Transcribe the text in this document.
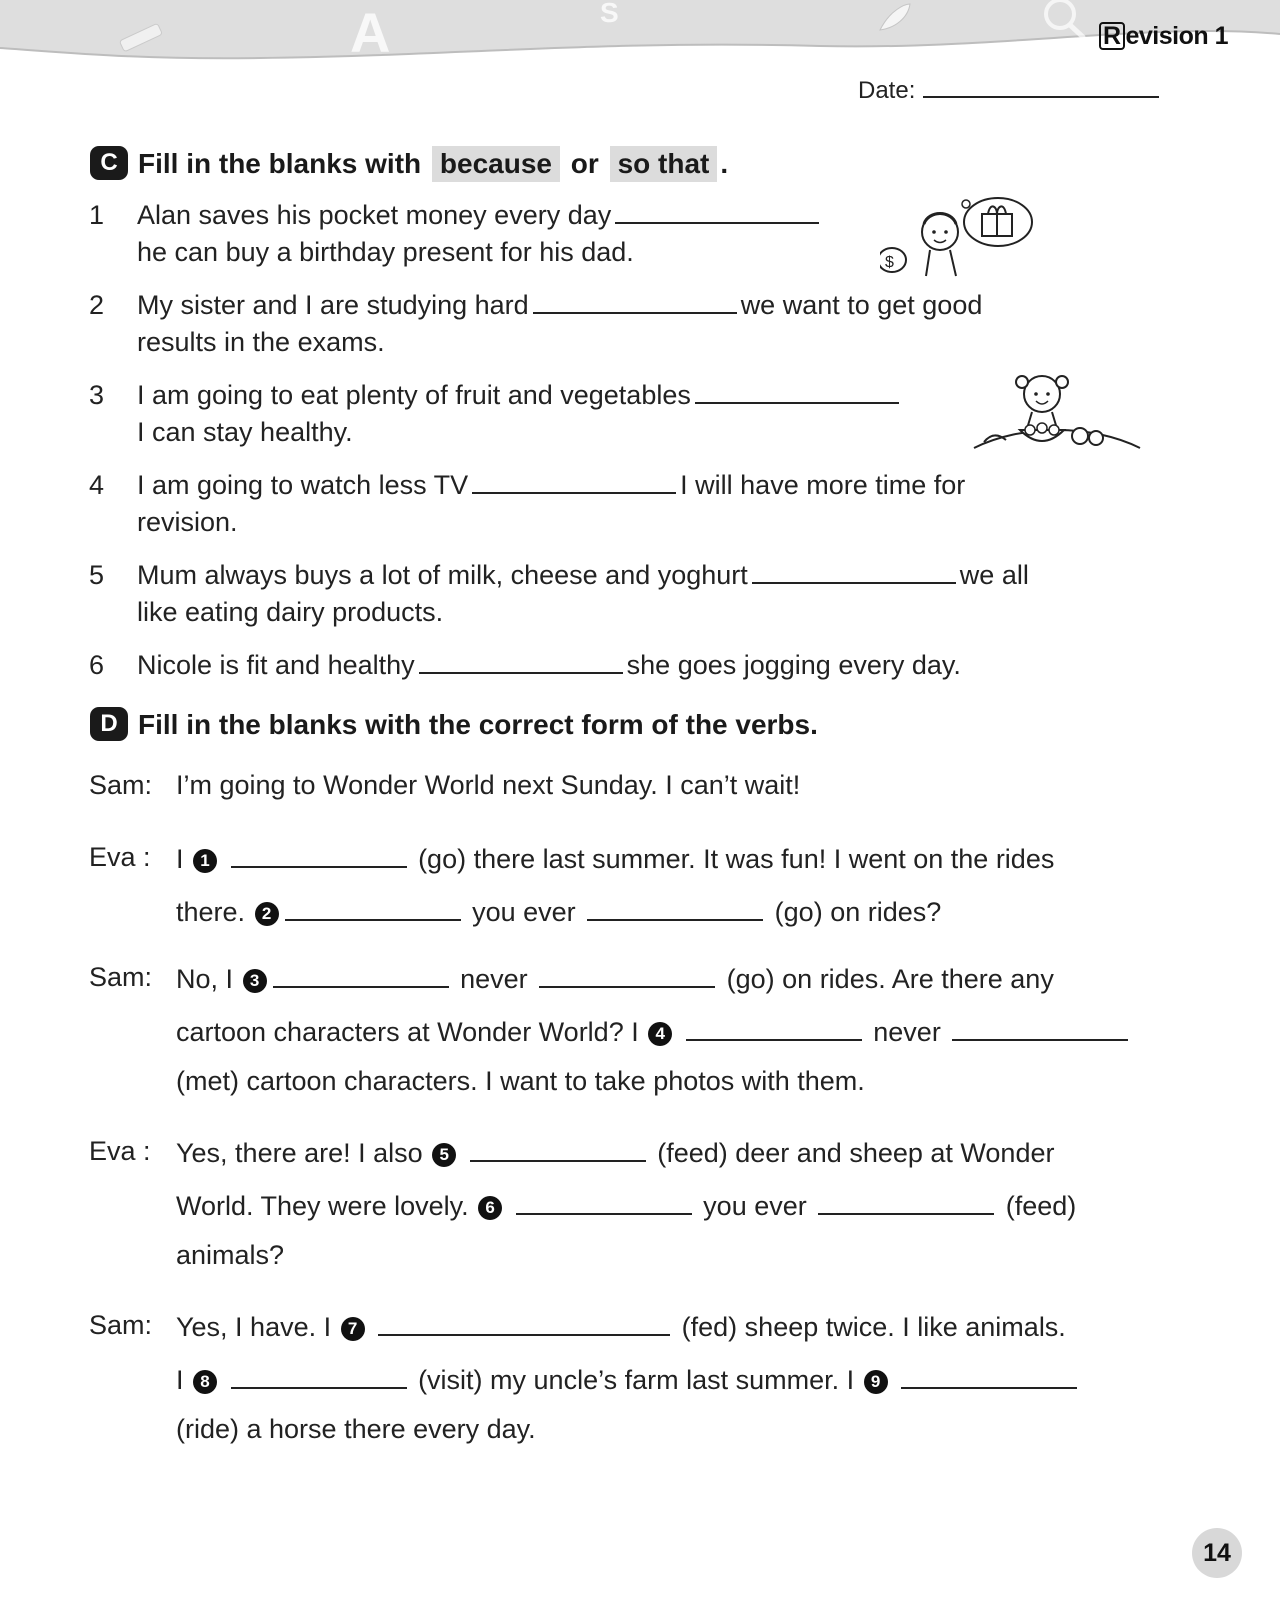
A	S
R evision 1
Date:
C Fill in the blanks with because or so that .
1 Alan saves his pocket money every day
he can buy a birthday present for his dad.	$
2 My sister and I are studying hard	we want to get good
results in the exams.
3 I am going to eat plenty of fruit and vegetables
I can stay healthy.
4 I am going to watch less TV	I will have more time for
revision.
5 Mum always buys a lot of milk, cheese and yoghurt	we all
like eating dairy products.
6 Nicole is fit and healthy	she goes jogging every day.
D Fill in the blanks with the correct form of the verbs.
Sam: I’m going to Wonder World next Sunday. I can’t wait!
Eva : I 1	(go) there last summer. It was fun! I went on the rides
there. 2	you ever	(go) on rides?
Sam: No, I 3	never	(go) on rides. Are there any
cartoon characters at Wonder World? I 4	never
(met) cartoon characters. I want to take photos with them.
Eva : Yes, there are! I also 5	(feed) deer and sheep at Wonder
World. They were lovely. 6	you ever	(feed)
animals?
Sam: Yes, I have. I 7	(fed) sheep twice. I like animals.
I 8	(visit) my uncle’s farm last summer. I 9
(ride) a horse there every day.
14
